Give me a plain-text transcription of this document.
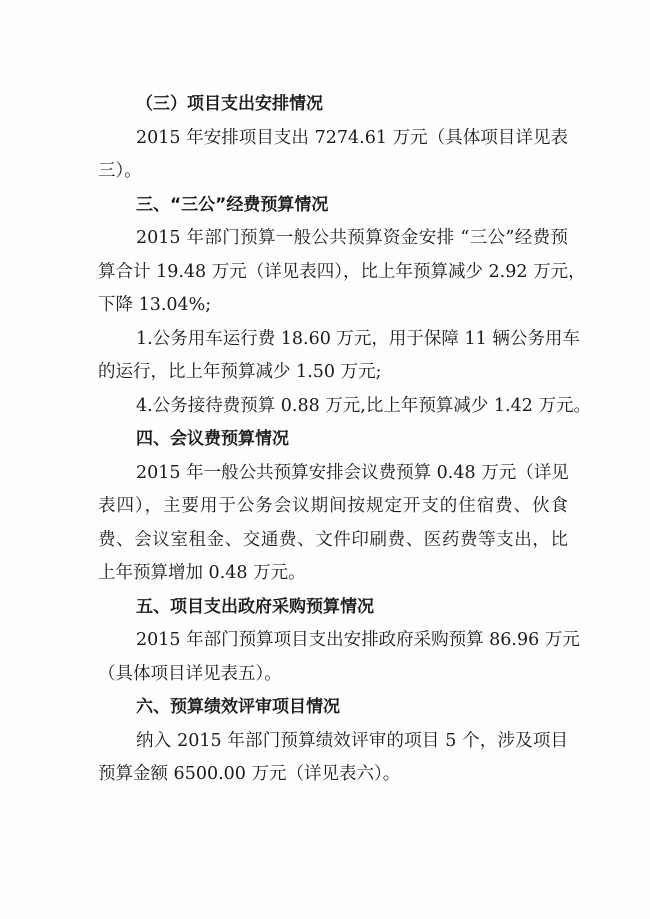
（三）项目支出安排情况
2015 年安排项目支出 7274.61 万元（具体项目详见表
三）。
三、“三公”经费预算情况
2015 年部门预算一般公共预算资金安排 “三公”经费预
算合计 19.48 万元（详见表四），比上年预算减少 2.92 万元，
下降 13.04%;
1.公务用车运行费 18.60 万元，用于保障 11 辆公务用车
的运行，比上年预算减少 1.50 万元;
4.公务接待费预算 0.88 万元,比上年预算减少 1.42 万元。
四、会议费预算情况
2015 年一般公共预算安排会议费预算 0.48 万元（详见
表四），主要用于公务会议期间按规定开支的住宿费、伙食
费、会议室租金、交通费、文件印刷费、医药费等支出，比
上年预算增加 0.48 万元。
五、项目支出政府采购预算情况
2015 年部门预算项目支出安排政府采购预算 86.96 万元
（具体项目详见表五）。
六、预算绩效评审项目情况
纳入 2015 年部门预算绩效评审的项目 5 个，涉及项目
预算金额 6500.00 万元（详见表六）。
